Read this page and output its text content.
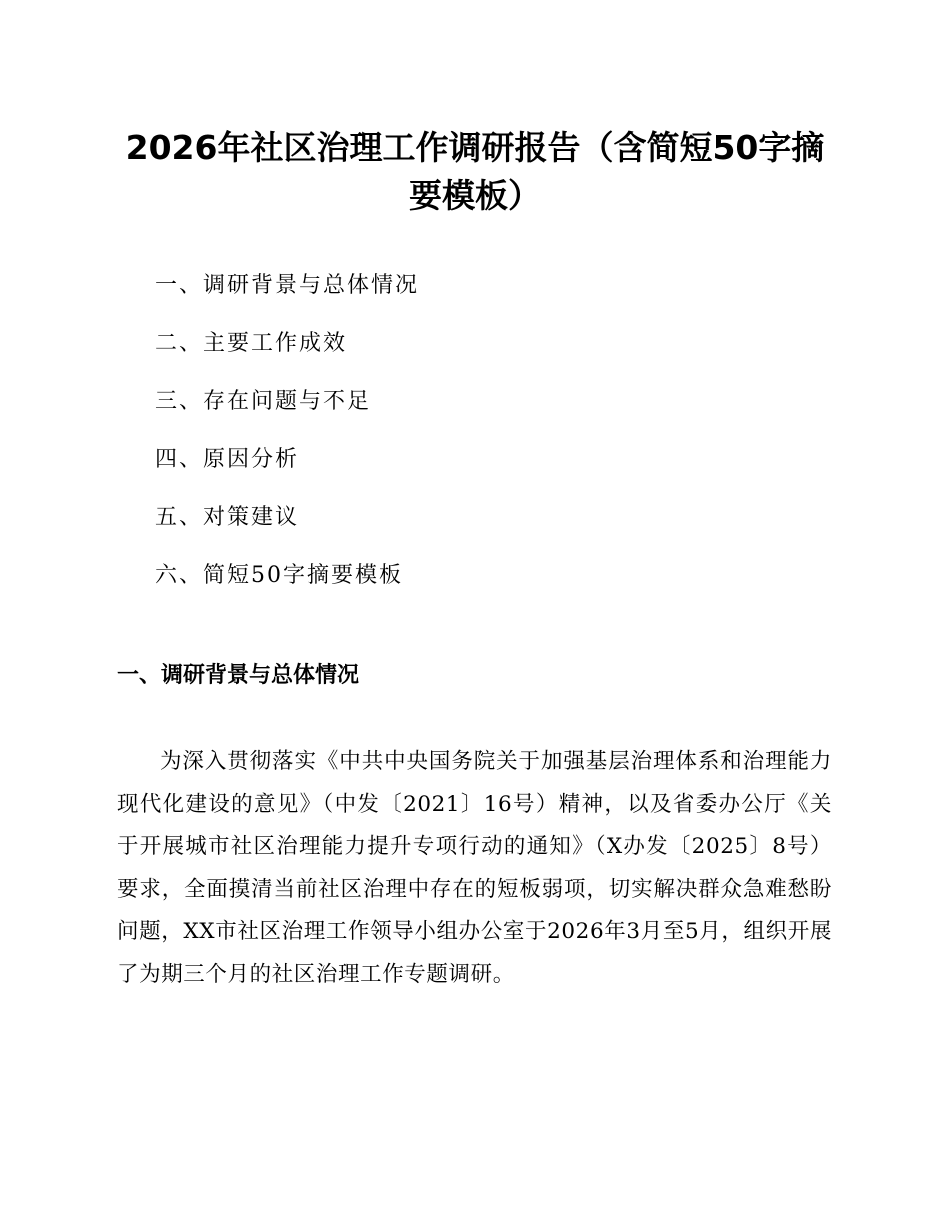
2026年社区治理工作调研报告（含简短50字摘要模板）
一、调研背景与总体情况
二、主要工作成效
三、存在问题与不足
四、原因分析
五、对策建议
六、简短50字摘要模板
一、调研背景与总体情况

为深入贯彻落实《中共中央国务院关于加强基层治理体系和治理能力现代化建设的意见》（中发〔2021〕16号）精神，以及省委办公厅《关于开展城市社区治理能力提升专项行动的通知》（X办发〔2025〕8号）要求，全面摸清当前社区治理中存在的短板弱项，切实解决群众急难愁盼问题，XX市社区治理工作领导小组办公室于2026年3月至5月，组织开展了为期三个月的社区治理工作专题调研。
